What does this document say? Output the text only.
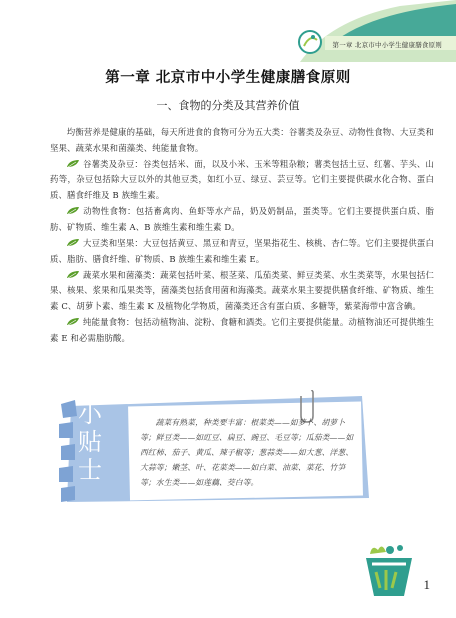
第一章 北京市中小学生健康膳食原则
第一章 北京市中小学生健康膳食原则
一、食物的分类及其营养价值

均衡营养是健康的基础，每天所进食的食物可分为五大类：谷薯类及杂豆、动物性食物、大豆类和坚果、蔬菜水果和菌藻类、纯能量食物。

谷薯类及杂豆：谷类包括米、面，以及小米、玉米等粗杂粮；薯类包括土豆、红薯、芋头、山药等，杂豆包括除大豆以外的其他豆类，如红小豆、绿豆、芸豆等。它们主要提供碳水化合物、蛋白质、膳食纤维及 B 族维生素。

动物性食物：包括畜禽肉、鱼虾等水产品，奶及奶制品，蛋类等。它们主要提供蛋白质、脂肪、矿物质、维生素 A、B 族维生素和维生素 D。

大豆类和坚果：大豆包括黄豆、黑豆和青豆，坚果指花生、核桃、杏仁等。它们主要提供蛋白质、脂肪、膳食纤维、矿物质、B 族维生素和维生素 E。

蔬菜水果和菌藻类：蔬菜包括叶菜、根茎菜、瓜茄类菜、鲜豆类菜、水生类菜等，水果包括仁果、核果、浆果和瓜果类等，菌藻类包括食用菌和海藻类。蔬菜水果主要提供膳食纤维、矿物质、维生素 C、胡萝卜素、维生素 K 及植物化学物质，菌藻类还含有蛋白质、多糖等，紫菜海带中富含碘。

纯能量食物：包括动植物油、淀粉、食糖和酒类。它们主要提供能量。动植物油还可提供维生素 E 和必需脂肪酸。

小
贴
士
蔬菜有熟菜，种类要丰富：根菜类——如萝卜、胡萝卜等；鲜豆类——如豇豆、扁豆、豌豆、毛豆等；瓜茄类——如西红柿、茄子、黄瓜、辣子椒等；葱蒜类——如大葱、洋葱、大蒜等；嫩茎、叶、花菜类——如白菜、油菜、菜花、竹笋等；水生类——如莲藕、茭白等。
1
